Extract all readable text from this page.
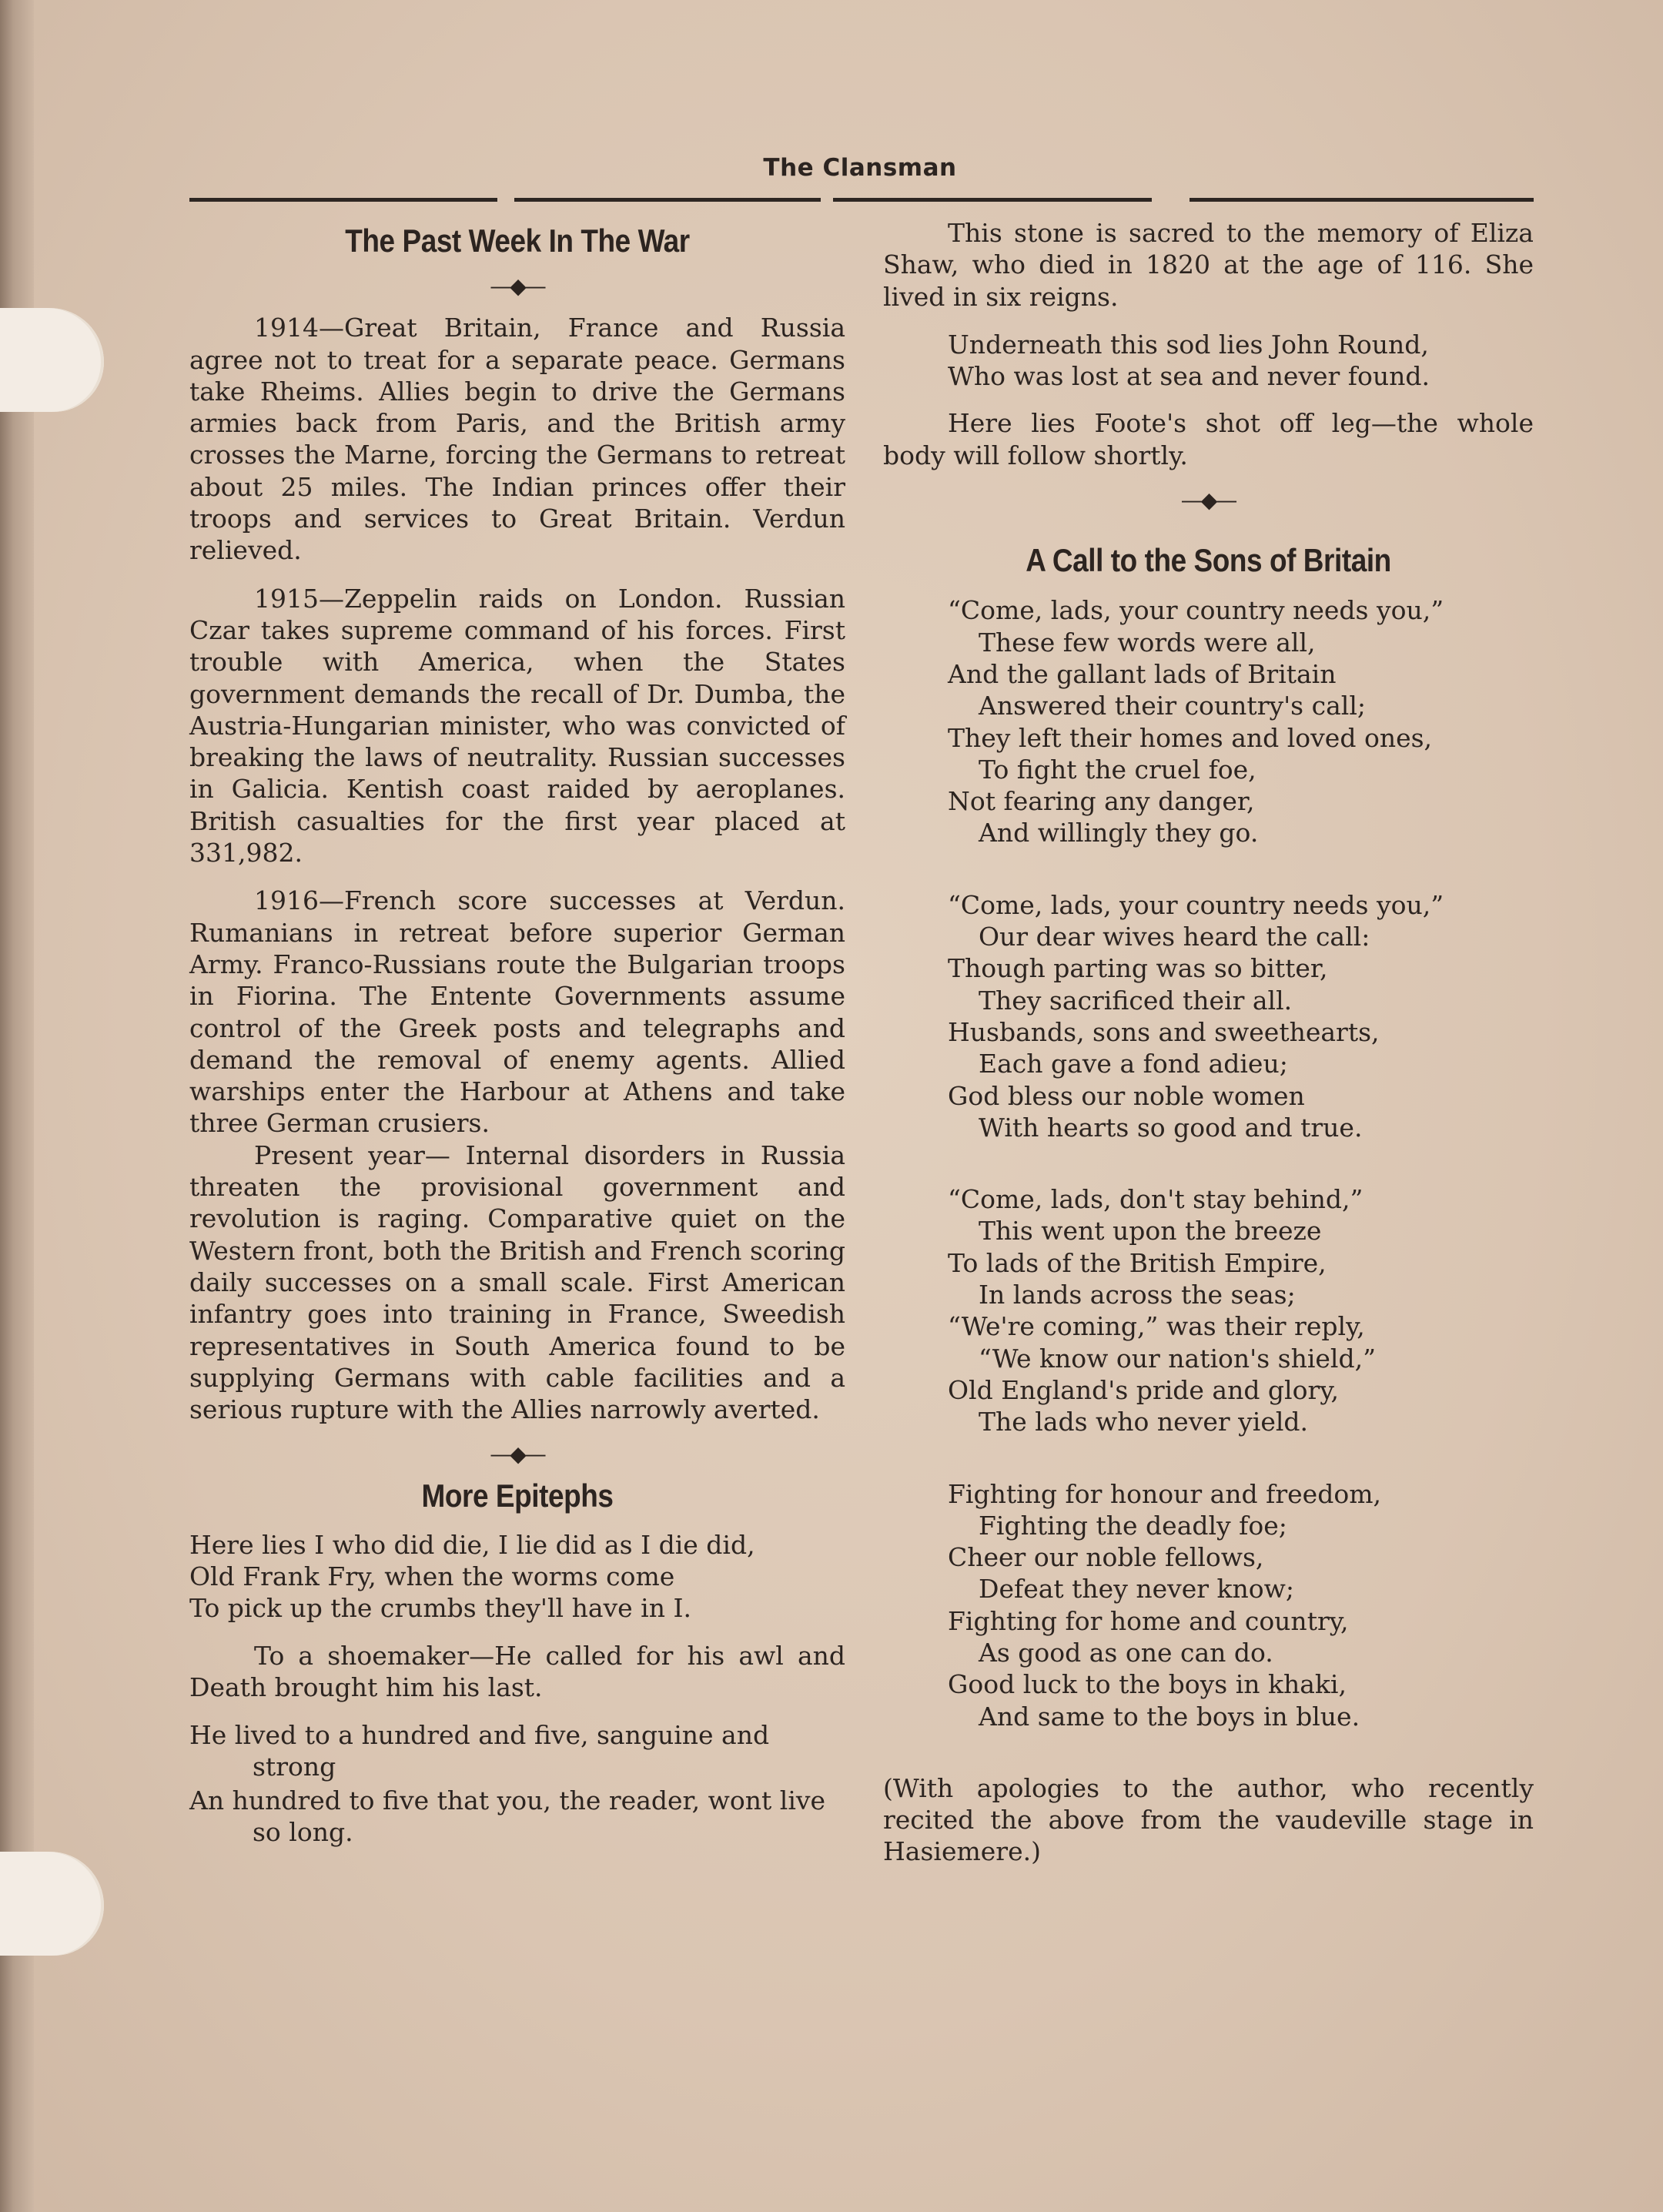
The Clansman
The Past Week In The War
—◆—

1914—Great Britain, France and Russia agree not to treat for a separate peace. Germans take Rheims. Allies begin to drive the Germans armies back from Paris, and the British army crosses the Marne, forcing the Germans to retreat about 25 miles. The Indian princes offer their troops and services to Great Britain. Verdun relieved.

1915—Zeppelin raids on London. Russian Czar takes supreme command of his forces. First trouble with America, when the States government demands the recall of Dr. Dumba, the Austria-Hungarian minister, who was convicted of breaking the laws of neutrality. Russian successes in Galicia. Kentish coast raided by aeroplanes. British casualties for the first year placed at 331,982.

1916—French score successes at Verdun. Rumanians in retreat before superior German Army. Franco-Russians route the Bulgarian troops in Fiorina. The Entente Governments assume control of the Greek posts and telegraphs and demand the removal of enemy agents. Allied warships enter the Harbour at Athens and take three German crusiers.

Present year— Internal disorders in Russia threaten the provisional government and revolution is raging. Comparative quiet on the Western front, both the British and French scoring daily successes on a small scale. First American infantry goes into training in France, Sweedish representatives in South America found to be supplying Germans with cable facilities and a serious rupture with the Allies narrowly averted.

—◆—
More Epitephs
Here lies I who did die, I lie did as I die did,
Old Frank Fry, when the worms come
To pick up the crumbs they'll have in I.

To a shoemaker—He called for his awl and Death brought him his last.

He lived to a hundred and five, sanguine and strong

An hundred to five that you, the reader, wont live so long.

This stone is sacred to the memory of Eliza Shaw, who died in 1820 at the age of 116. She lived in six reigns.

Underneath this sod lies John Round,
Who was lost at sea and never found.

Here lies Foote's shot off leg—the whole body will follow shortly.

—◆—
A Call to the Sons of Britain
“Come, lads, your country needs you,”
These few words were all,
And the gallant lads of Britain
Answered their country's call;
They left their homes and loved ones,
To fight the cruel foe,
Not fearing any danger,
And willingly they go.
“Come, lads, your country needs you,”
Our dear wives heard the call:
Though parting was so bitter,
They sacrificed their all.
Husbands, sons and sweethearts,
Each gave a fond adieu;
God bless our noble women
With hearts so good and true.
“Come, lads, don't stay behind,”
This went upon the breeze
To lads of the British Empire,
In lands across the seas;
“We're coming,” was their reply,
“We know our nation's shield,”
Old England's pride and glory,
The lads who never yield.
Fighting for honour and freedom,
Fighting the deadly foe;
Cheer our noble fellows,
Defeat they never know;
Fighting for home and country,
As good as one can do.
Good luck to the boys in khaki,
And same to the boys in blue.

(With apologies to the author, who recently recited the above from the vaudeville stage in Hasiemere.)
